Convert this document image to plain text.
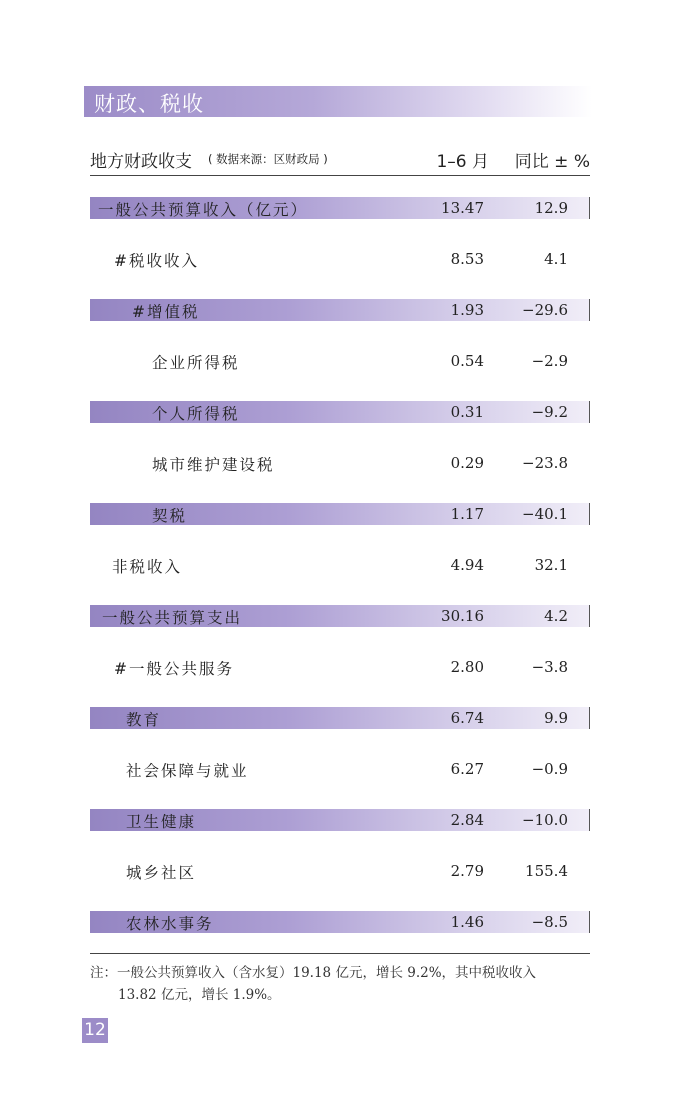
财政、税收
地方财政收支 ( 数据来源：区财政局 )	1–6 月 同比 ± %
一般公共预算收入（亿元）	13.47	12.9
#税收收入	8.53	4.1
#增值税	1.93	−29.6
企业所得税	0.54	−2.9
个人所得税	0.31	−9.2
城市维护建设税	0.29	−23.8
契税	1.17	−40.1
非税收入	4.94	32.1
一般公共预算支出	30.16	4.2
#一般公共服务	2.80	−3.8
教育	6.74	9.9
社会保障与就业	6.27	−0.9
卫生健康	2.84	−10.0
城乡社区	2.79	155.4
农林水事务	1.46	−8.5
注：一般公共预算收入（含水复）19.18 亿元，增长 9.2%，其中税收收入
13.82 亿元，增长 1.9%。
12
